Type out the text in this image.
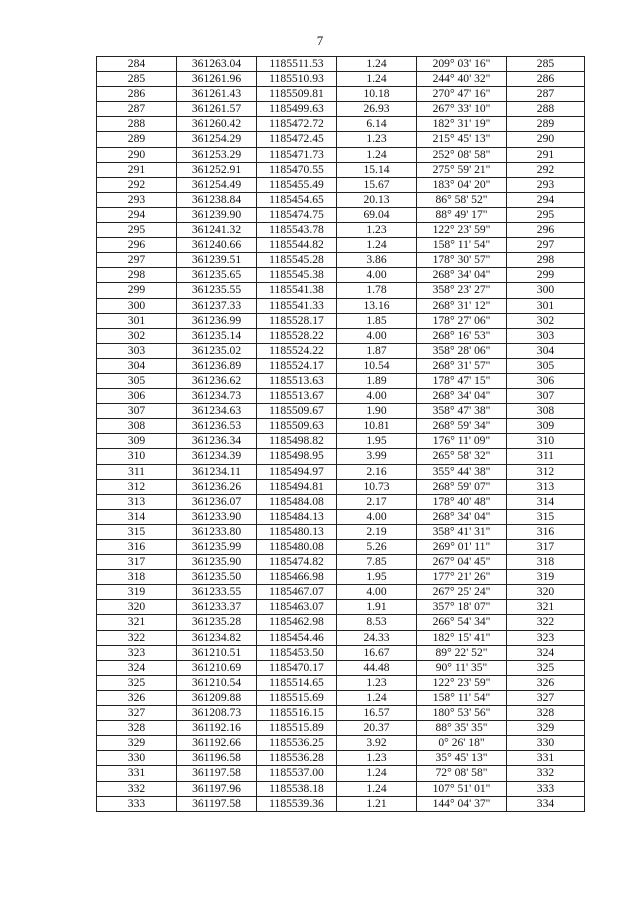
7
284	361263.04	1185511.53	1.24	209° 03' 16"	285
285	361261.96	1185510.93	1.24	244° 40' 32"	286
286	361261.43	1185509.81	10.18	270° 47' 16"	287
287	361261.57	1185499.63	26.93	267° 33' 10"	288
288	361260.42	1185472.72	6.14	182° 31' 19"	289
289	361254.29	1185472.45	1.23	215° 45' 13"	290
290	361253.29	1185471.73	1.24	252° 08' 58"	291
291	361252.91	1185470.55	15.14	275° 59' 21"	292
292	361254.49	1185455.49	15.67	183° 04' 20"	293
293	361238.84	1185454.65	20.13	86° 58' 52"	294
294	361239.90	1185474.75	69.04	88° 49' 17"	295
295	361241.32	1185543.78	1.23	122° 23' 59"	296
296	361240.66	1185544.82	1.24	158° 11' 54"	297
297	361239.51	1185545.28	3.86	178° 30' 57"	298
298	361235.65	1185545.38	4.00	268° 34' 04"	299
299	361235.55	1185541.38	1.78	358° 23' 27"	300
300	361237.33	1185541.33	13.16	268° 31' 12"	301
301	361236.99	1185528.17	1.85	178° 27' 06"	302
302	361235.14	1185528.22	4.00	268° 16' 53"	303
303	361235.02	1185524.22	1.87	358° 28' 06"	304
304	361236.89	1185524.17	10.54	268° 31' 57"	305
305	361236.62	1185513.63	1.89	178° 47' 15"	306
306	361234.73	1185513.67	4.00	268° 34' 04"	307
307	361234.63	1185509.67	1.90	358° 47' 38"	308
308	361236.53	1185509.63	10.81	268° 59' 34"	309
309	361236.34	1185498.82	1.95	176° 11' 09"	310
310	361234.39	1185498.95	3.99	265° 58' 32"	311
311	361234.11	1185494.97	2.16	355° 44' 38"	312
312	361236.26	1185494.81	10.73	268° 59' 07"	313
313	361236.07	1185484.08	2.17	178° 40' 48"	314
314	361233.90	1185484.13	4.00	268° 34' 04"	315
315	361233.80	1185480.13	2.19	358° 41' 31"	316
316	361235.99	1185480.08	5.26	269° 01' 11"	317
317	361235.90	1185474.82	7.85	267° 04' 45"	318
318	361235.50	1185466.98	1.95	177° 21' 26"	319
319	361233.55	1185467.07	4.00	267° 25' 24"	320
320	361233.37	1185463.07	1.91	357° 18' 07"	321
321	361235.28	1185462.98	8.53	266° 54' 34"	322
322	361234.82	1185454.46	24.33	182° 15' 41"	323
323	361210.51	1185453.50	16.67	89° 22' 52"	324
324	361210.69	1185470.17	44.48	90° 11' 35"	325
325	361210.54	1185514.65	1.23	122° 23' 59"	326
326	361209.88	1185515.69	1.24	158° 11' 54"	327
327	361208.73	1185516.15	16.57	180° 53' 56"	328
328	361192.16	1185515.89	20.37	88° 35' 35"	329
329	361192.66	1185536.25	3.92	0° 26' 18"	330
330	361196.58	1185536.28	1.23	35° 45' 13"	331
331	361197.58	1185537.00	1.24	72° 08' 58"	332
332	361197.96	1185538.18	1.24	107° 51' 01"	333
333	361197.58	1185539.36	1.21	144° 04' 37"	334
